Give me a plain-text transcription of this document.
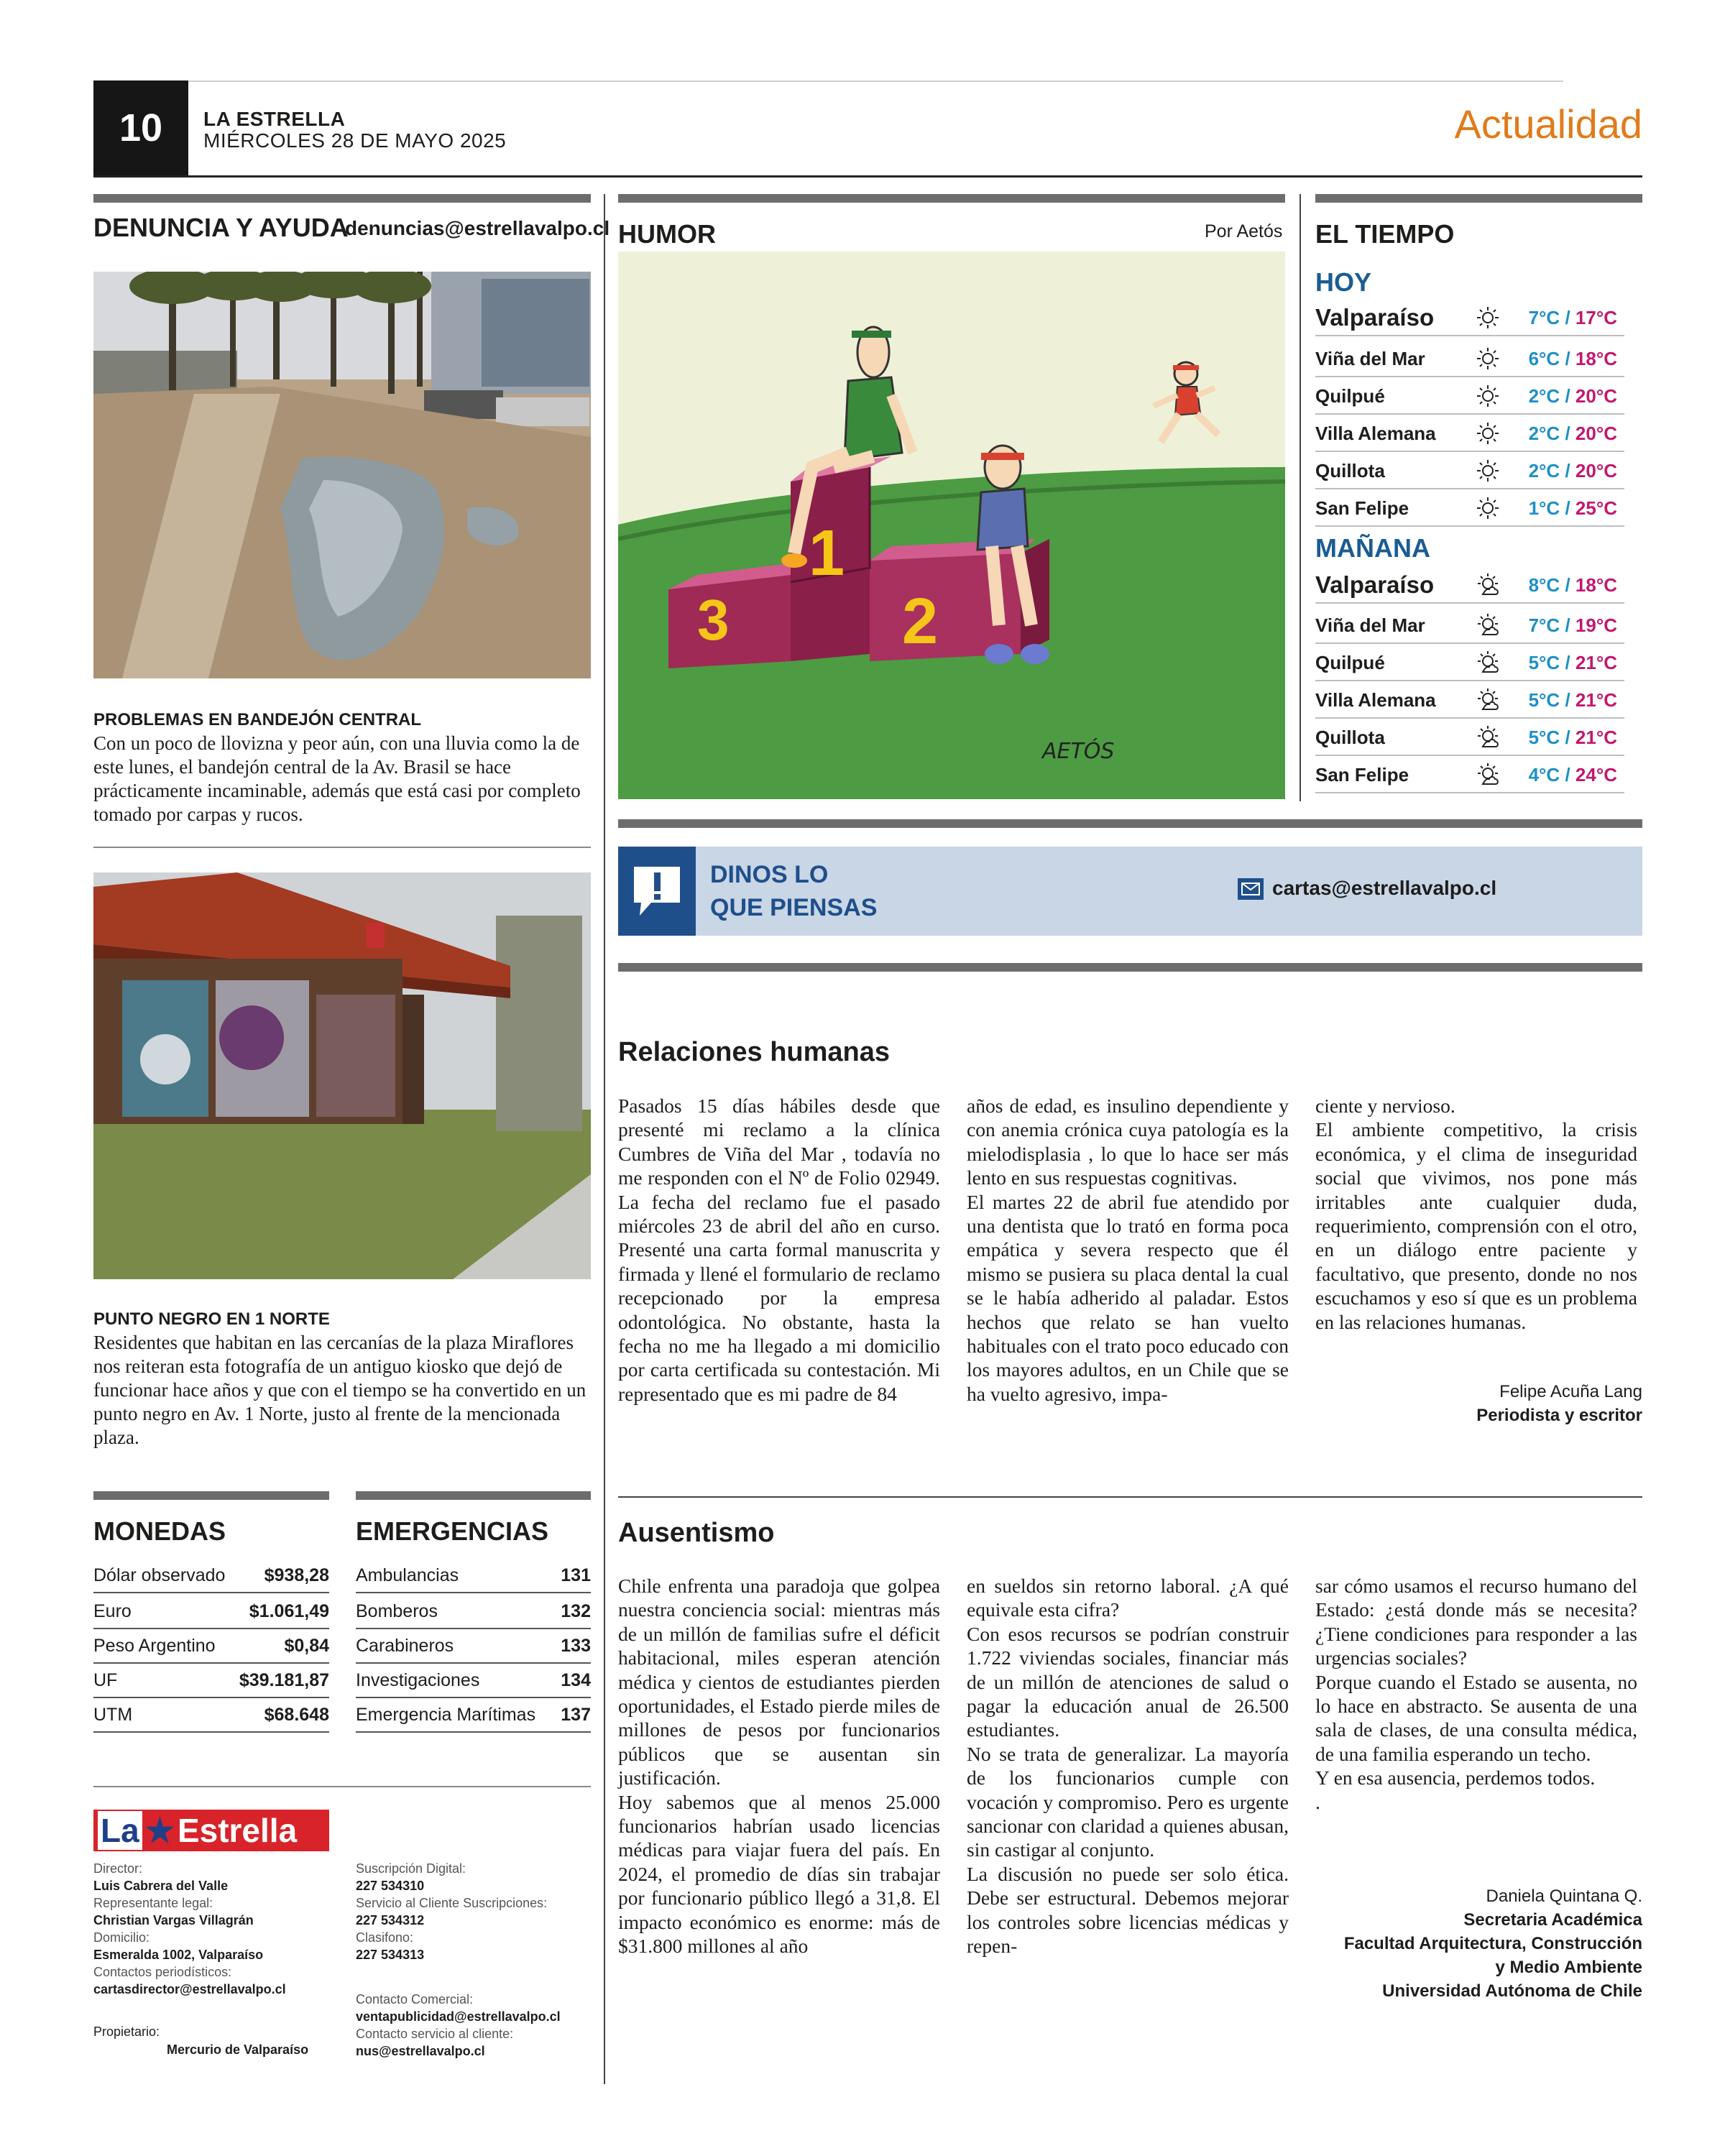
10	LA ESTRELLA
MIÉRCOLES 28 DE MAYO 2025	Actualidad
DENUNCIA Y AYUDA
denuncias@estrellavalpo.cl
PROBLEMAS EN BANDEJÓN CENTRAL
Con un poco de llovizna y peor aún, con una lluvia como la de este lunes, el bandejón central de la Av. Brasil se hace prácticamente incaminable, además que está casi por completo tomado por carpas y rucos.
PUNTO NEGRO EN 1 NORTE
Residentes que habitan en las cercanías de la plaza Miraflores nos reiteran esta fotografía de un antiguo kiosko que dejó de funcionar hace años y que con el tiempo se ha convertido en un punto negro en Av. 1 Norte, justo al frente de la mencionada plaza.
MONEDAS	EMERGENCIAS
Dólar observado $938,28
Euro	$1.061,49
Peso Argentino	$0,84
UF	$39.181,87
UTM	$68.648
Ambulancias	131
Bomberos	132
Carabineros	133
Investigaciones	134
Emergencia Marítimas 137
La ★ Estrella
Director:
Luis Cabrera del Valle
Representante legal:
Christian Vargas Villagrán
Domicilio:
Esmeralda 1002, Valparaíso
Contactos periodísticos:
cartasdirector@estrellavalpo.cl
Propietario:
Mercurio de Valparaíso
Suscripción Digital:
227 534310
Servicio al Cliente Suscripciones:
227 534312
Clasifono:
227 534313
Contacto Comercial:
ventapublicidad@estrellavalpo.cl
Contacto servicio al cliente:
nus@estrellavalpo.cl
HUMOR	Por Aetós
1
2
3
AETÓS
EL TIEMPO
HOY
Valparaíso	7°C / 17°C
Viña del Mar	6°C / 18°C
Quilpué	2°C / 20°C
Villa Alemana	2°C / 20°C
Quillota	2°C / 20°C
San Felipe	1°C / 25°C
MAÑANA
Valparaíso	8°C / 18°C
Viña del Mar	7°C / 19°C
Quilpué	5°C / 21°C
Villa Alemana	5°C / 21°C
Quillota	5°C / 21°C
San Felipe	4°C / 24°C
DINOS LO
QUE PIENSAS
cartas@estrellavalpo.cl
Relaciones humanas

Pasados 15 días hábiles desde que presenté mi reclamo a la clínica Cumbres de Viña del Mar , todavía no me responden con el Nº de Folio 02949. La fecha del reclamo fue el pasado miércoles 23 de abril del año en curso. Presenté una carta formal manuscrita y firmada y llené el formulario de reclamo recepcionado por la empresa odontológica. No obstante, hasta la fecha no me ha llegado a mi domicilio por carta certificada su contestación. Mi representado que es mi padre de 84

años de edad, es insulino dependiente y con anemia crónica cuya patología es la mielodisplasia , lo que lo hace ser más lento en sus respuestas cognitivas.

El martes 22 de abril fue atendido por una dentista que lo trató en forma poca empática y severa respecto que él mismo se pusiera su placa dental la cual se le había adherido al paladar. Estos hechos que relato se han vuelto habituales con el trato poco educado con los mayores adultos, en un Chile que se ha vuelto agresivo, impa-

ciente y nervioso.

El ambiente competitivo, la crisis económica, y el clima de inseguridad social que vivimos, nos pone más irritables ante cualquier duda, requerimiento, comprensión con el otro, en un diálogo entre paciente y facultativo, que presento, donde no nos escuchamos y eso sí que es un problema en las relaciones humanas.

Felipe Acuña Lang
Periodista y escritor
Ausentismo

Chile enfrenta una paradoja que golpea nuestra conciencia social: mientras más de un millón de familias sufre el déficit habitacional, miles esperan atención médica y cientos de estudiantes pierden oportunidades, el Estado pierde miles de millones de pesos por funcionarios públicos que se ausentan sin justificación.

Hoy sabemos que al menos 25.000 funcionarios habrían usado licencias médicas para viajar fuera del país. En 2024, el promedio de días sin trabajar por funcionario público llegó a 31,8. El impacto económico es enorme: más de $31.800 millones al año

en sueldos sin retorno laboral. ¿A qué equivale esta cifra?

Con esos recursos se podrían construir 1.722 viviendas sociales, financiar más de un millón de atenciones de salud o pagar la educación anual de 26.500 estudiantes.

No se trata de generalizar. La mayoría de los funcionarios cumple con vocación y compromiso. Pero es urgente sancionar con claridad a quienes abusan, sin castigar al conjunto.

La discusión no puede ser solo ética. Debe ser estructural. Debemos mejorar los controles sobre licencias médicas y repen-

sar cómo usamos el recurso humano del Estado: ¿está donde más se necesita? ¿Tiene condiciones para responder a las urgencias sociales?

Porque cuando el Estado se ausenta, no lo hace en abstracto. Se ausenta de una sala de clases, de una consulta médica, de una familia esperando un techo.

Y en esa ausencia, perdemos todos.

.

Daniela Quintana Q.
Secretaria Académica
Facultad Arquitectura, Construcción
y Medio Ambiente
Universidad Autónoma de Chile
